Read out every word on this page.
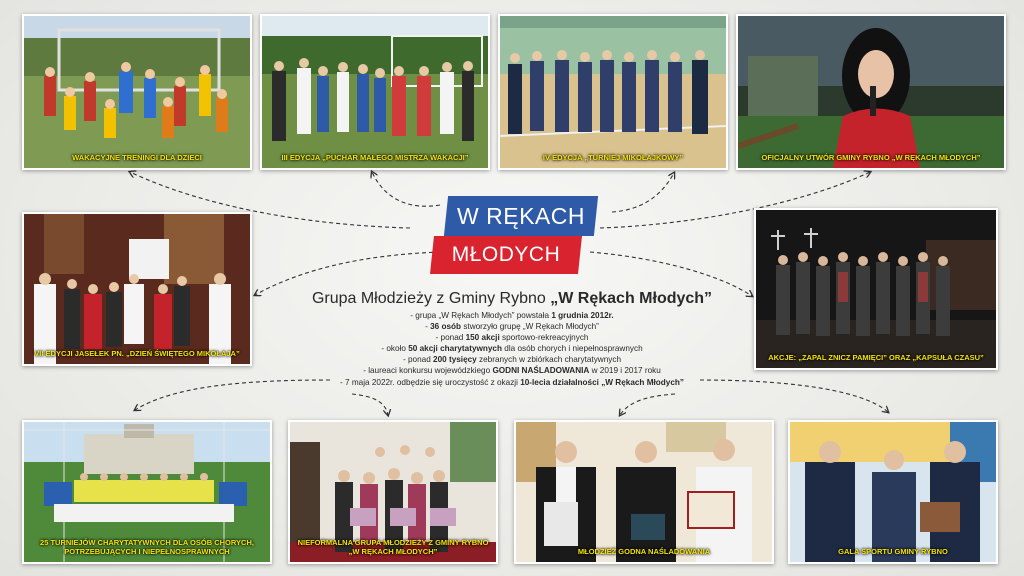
WAKACYJNE TRENINGI DLA DZIECI	III EDYCJA „PUCHAR MAŁEGO MISTRZA WAKACJI”	IV EDYCJA „TURNIEJ MIKOŁAJKOWY”	OFICJALNY UTWÓR GMINY RYBNO „W RĘKACH MŁODYCH”
VII EDYCJI JASEŁEK PN. „DZIEŃ ŚWIĘTEGO MIKOŁAJA”	AKCJE: „ZAPAL ZNICZ PAMIĘCI” ORAZ „KAPSUŁA CZASU”
W RĘKACH
MŁODYCH
Grupa Młodzieży z Gminy Rybno „W Rękach Młodych”

- grupa „W Rękach Młodych” powstała 1 grudnia 2012r.

- 36 osób stworzyło grupę „W Rękach Młodych”

- ponad 150 akcji sportowo-rekreacyjnych

- około 50 akcji charytatywnych dla osób chorych i niepełnosprawnych

- ponad 200 tysięcy zebranych w zbiórkach charytatywnych

- laureaci konkursu wojewódzkiego GODNI NAŚLADOWANIA w 2019 i 2017 roku

- 7 maja 2022r. odbędzie się uroczystość z okazji 10-lecia działalności „W Rękach Młodych”

25 TURNIEJÓW CHARYTATYWNYCH DLA OSÓB CHORYCH, POTRZEBUJĄCYCH I NIEPEŁNOSPRAWNYCH
NIEFORMALNA GRUPA MŁODZIEŻY Z GMINY RYBNO „W RĘKACH MŁODYCH”	MŁODZIEŻ GODNA NAŚLADOWANIA	GALA SPORTU GMINY RYBNO
